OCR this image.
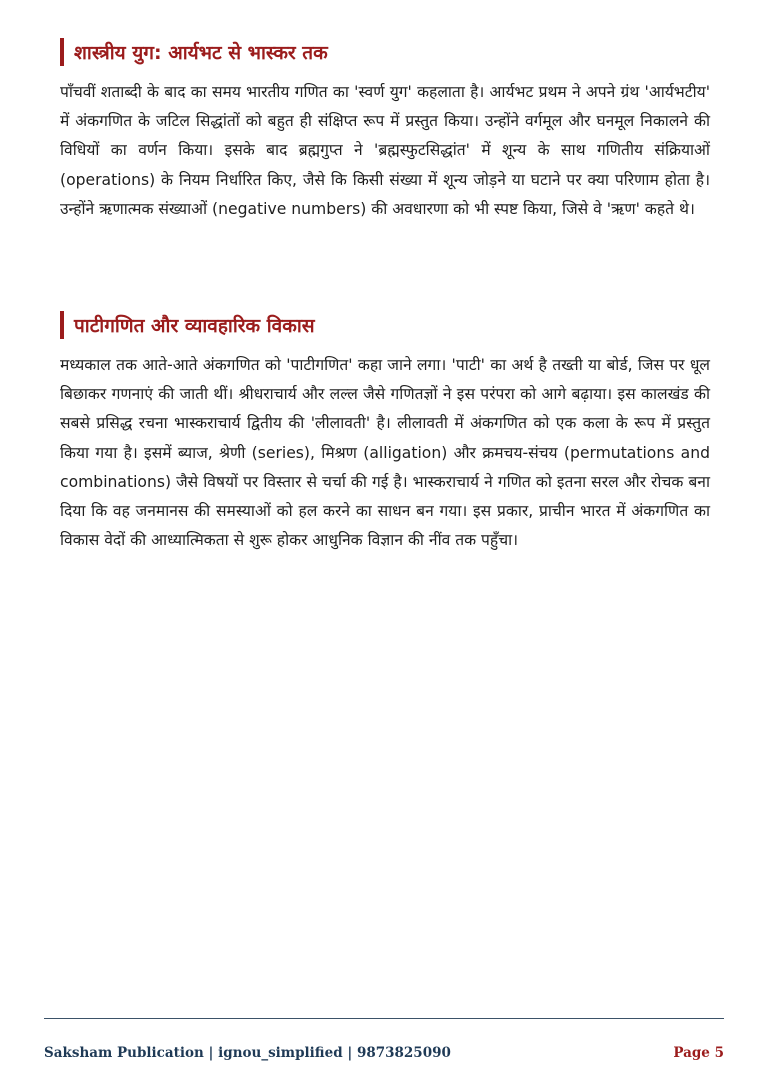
शास्त्रीय युग: आर्यभट से भास्कर तक
पाँचवीं शताब्दी के बाद का समय भारतीय गणित का 'स्वर्ण युग' कहलाता है। आर्यभट प्रथम ने अपने ग्रंथ 'आर्यभटीय' में अंकगणित के जटिल सिद्धांतों को बहुत ही संक्षिप्त रूप में प्रस्तुत किया। उन्होंने वर्गमूल और घनमूल निकालने की विधियों का वर्णन किया। इसके बाद ब्रह्मगुप्त ने 'ब्रह्मस्फुटसिद्धांत' में शून्य के साथ गणितीय संक्रियाओं (operations) के नियम निर्धारित किए, जैसे कि किसी संख्या में शून्य जोड़ने या घटाने पर क्या परिणाम होता है। उन्होंने ऋणात्मक संख्याओं (negative numbers) की अवधारणा को भी स्पष्ट किया, जिसे वे 'ऋण' कहते थे।
पाटीगणित और व्यावहारिक विकास
मध्यकाल तक आते-आते अंकगणित को 'पाटीगणित' कहा जाने लगा। 'पाटी' का अर्थ है तख्ती या बोर्ड, जिस पर धूल बिछाकर गणनाएं की जाती थीं। श्रीधराचार्य और लल्ल जैसे गणितज्ञों ने इस परंपरा को आगे बढ़ाया। इस कालखंड की सबसे प्रसिद्ध रचना भास्कराचार्य द्वितीय की 'लीलावती' है। लीलावती में अंकगणित को एक कला के रूप में प्रस्तुत किया गया है। इसमें ब्याज, श्रेणी (series), मिश्रण (alligation) और क्रमचय-संचय (permutations and combinations) जैसे विषयों पर विस्तार से चर्चा की गई है। भास्कराचार्य ने गणित को इतना सरल और रोचक बना दिया कि वह जनमानस की समस्याओं को हल करने का साधन बन गया। इस प्रकार, प्राचीन भारत में अंकगणित का विकास वेदों की आध्यात्मिकता से शुरू होकर आधुनिक विज्ञान की नींव तक पहुँचा।
Saksham Publication | ignou_simplified | 9873825090	Page 5
